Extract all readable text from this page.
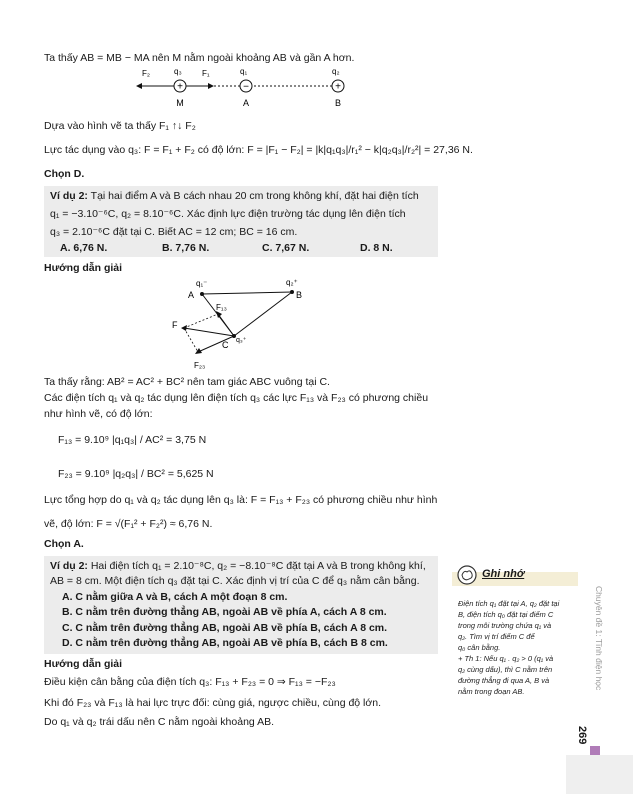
Ta thấy AB = MB − MA nên M nằm ngoài khoảng AB và gần A hơn.
+	−	+
F₂	q₃	F₁	q₁	q₂
M	A	B
Dựa vào hình vẽ ta thấy F₁ ↑↓ F₂
Lực tác dụng vào q₃: F = F₁ + F₂ có độ lớn: F = |F₁ − F₂| = |k|q₁q₃|/r₁² − k|q₂q₃|/r₂²| = 27,36 N.
Chọn D.
Ví dụ 2: Tại hai điểm A và B cách nhau 20 cm trong không khí, đặt hai điện tích
q₁ = −3.10⁻⁶C, q₂ = 8.10⁻⁶C. Xác định lực điện trường tác dụng lên điện tích
q₃ = 2.10⁻⁶C đặt tại C. Biết AC = 12 cm; BC = 16 cm.
A. 6,76 N.	B. 7,76 N.	C. 7,67 N.	D. 8 N.
Hướng dẫn giải
q₁⁻	q₂⁺
A	B
F₁₃
F
C q₃⁺
F₂₃
Ta thấy rằng: AB² = AC² + BC² nên tam giác ABC vuông tại C.
Các điện tích q₁ và q₂ tác dụng lên điện tích q₃ các lực F₁₃ và F₂₃ có phương chiều
như hình vẽ, có độ lớn:
F₁₃ = 9.10⁹ |q₁q₃| / AC² = 3,75 N
F₂₃ = 9.10⁹ |q₂q₃| / BC² = 5,625 N
Lực tổng hợp do q₁ và q₂ tác dụng lên q₃ là: F = F₁₃ + F₂₃ có phương chiều như hình
vẽ, độ lớn: F = √(F₁² + F₂²) ≈ 6,76 N.
Chọn A.
Ví dụ 2: Hai điện tích q₁ = 2.10⁻⁸C, q₂ = −8.10⁻⁸C đặt tại A và B trong không khí,
AB = 8 cm. Một điện tích q₃ đặt tại C. Xác định vị trí của C để q₃ nằm cân bằng.
A. C nằm giữa A và B, cách A một đoạn 8 cm.
B. C nằm trên đường thẳng AB, ngoài AB về phía A, cách A 8 cm.
C. C nằm trên đường thẳng AB, ngoài AB về phía B, cách A 8 cm.
D. C nằm trên đường thẳng AB, ngoài AB về phía B, cách B 8 cm.
Hướng dẫn giải
Điều kiện cân bằng của điện tích q₃: F₁₃ + F₂₃ = 0 ⇒ F₁₃ = −F₂₃
Khi đó F₂₃ và F₁₃ là hai lực trực đối: cùng giá, ngược chiều, cùng độ lớn.
Do q₁ và q₂ trái dấu nên C nằm ngoài khoảng AB.
Ghi nhớ
Điện tích q₁ đặt tại A, q₂ đặt tại
B, điện tích q₀ đặt tại điểm C
trong môi trường chứa q₁ và
q₂. Tìm vị trí điểm C để
q₀ cân bằng.
+ Th 1: Nếu q₁ . q₂ > 0 (q₁ và
q₂ cùng dấu), thì C nằm trên
đường thẳng đi qua A, B và
nằm trong đoạn AB.
Chuyên đề 1: Tĩnh điện học
269
